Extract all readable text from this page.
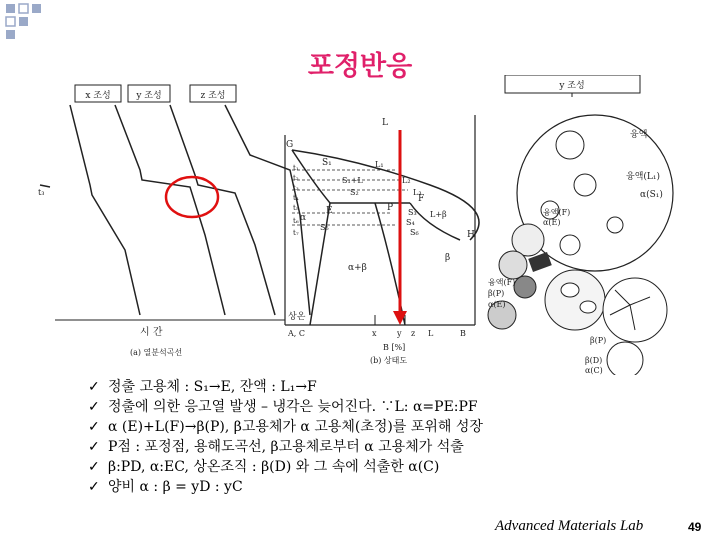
포정반응
x 조성	y 조성	z 조성
t₃
시 간
(a) 열분석곡선
L
G
S₁
S₁+L
S₂
L₁
L₂
L₃
E
F
P
α
α+β
β
H
S₃
S₄
S₅
S₆
L+β
t₁
t₂
t₃
t₄
t₅
t₆
t₇
상온
A, C	x	y z L	B
B [%]
(b) 상태도
y 조성
융액
α(S₁)
융액(L₁)
융액(F)
α(E)
융액(F)
β(P)
α(E)
β(P)
β(D)
α(C)
✓ 정출 고용체 : S₁→E, 잔액 : L₁→F
✓ 정출에 의한 응고열 발생 – 냉각은 늦어진다. ∵L: α=PE:PF
✓ α (E)+L(F)→β(P), β고용체가 α 고용체(초정)를 포위해 성장
✓ P점 : 포정점, 용해도곡선, β고용체로부터 α 고용체가 석출
✓ β:PD, α:EC, 상온조직 : β(D) 와 그 속에 석출한 α(C)
✓ 양비 α : β = yD : yC
Advanced Materials Lab	49
